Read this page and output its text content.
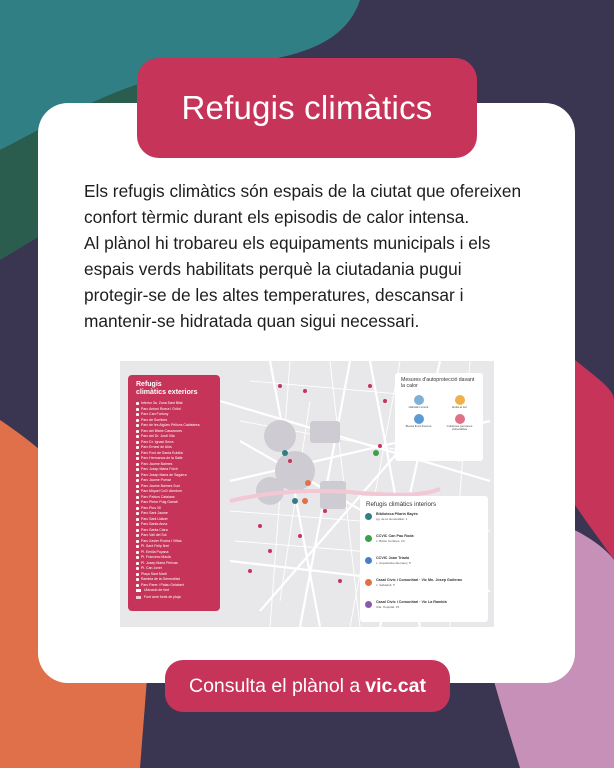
Refugis climàtics

Els refugis climàtics són espais de la ciutat que ofereixen

confort tèrmic durant els episodis de calor intensa.

Al plànol hi trobareu els equipaments municipals i els

espais verds habilitats perquè la ciutadania pugui

protegir-se de les altes temperatures, descansar i

mantenir-se hidratada quan sigui necessari.

Refugis
climàtics exteriors
Interior 3a. Zona Sant Bilal
Parc Antoni Ruera i Grífol
Parc Can Fortuny
Parc de Sorribes
Parc de les Aigües Pèllons Caldeàrea
Parc del Bisbe Casanoves
Parc del Dr. Jordi Vila
Parc Dr. Ignasi Serra
Parc Ernest de Alòs
Parc Font de Santa Eulàlia
Parc Hermanos de la Salle
Parc Jaume Balmes
Parc Josep Maria Folch
Parc Josep Maria de Sagarra
Parc Jaume Pomar
Parc Jaume Balmes Sud
Parc Miquel Coll i Alentorn
Parc Països Catalans
Parc Pintor Puig Gairalt
Parc Pius XII
Parc Sant Jaume
Parc Sant Llàtzer
Parc Santa Anna
Parc Santa Clara
Parc Vall del Sol
Parc Xavier Rovira i Viñas
Pl. Sant Felip Neri
Pl. Emilia Puyana
Pl. Francesc Macià
Pl. Josep Maria Pericas
Pl. Can Jover
Plaça Sant Martí
Rambla de la Generalitat
Parc Parer i Palau Gelabert
Ubicació de font
Font amb fonts de pluja
Mesures d'autoprotecció davant la calor
Hidrata't sovint	Evita el sol
Busca llocs frescos	Cuida les persones vulnerables
Refugis climàtics interiors
Biblioteca Pilarín Bayés
pg. de la Generalitat, 1
CCVIC Can Pau Roda
c. Bisbe Cortines, 24
CCVIC Joan Triadú
c. Arquebisbe Alemany, 5
Casal Cívic i Comunitari · Vic Mn. Josep Guiteras
c. Sabadell, 5
Casal Cívic i Comunitari · Vic La Rambla
rbla. Hospital, 15
Consulta el plànol a vic.cat
